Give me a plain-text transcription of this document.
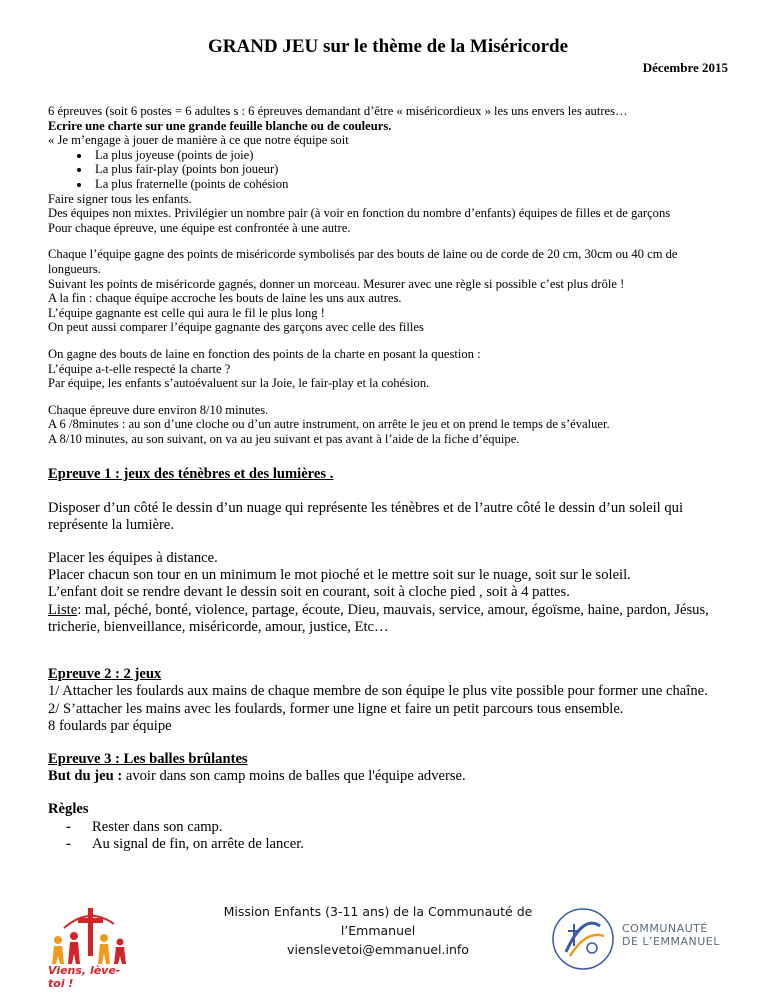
GRAND JEU sur le thème de la Miséricorde
Décembre 2015

6 épreuves (soit 6 postes = 6 adultes s : 6 épreuves demandant d’être « miséricordieux » les uns envers les autres…

Ecrire une charte sur une grande feuille blanche ou de couleurs.

« Je m’engage à jouer de manière à ce que notre équipe soit

• La plus joyeuse (points de joie)
• La plus fair-play (points bon joueur)
• La plus fraternelle (points de cohésion

Faire signer tous les enfants.

Des équipes non mixtes. Privilégier un nombre pair (à voir en fonction du nombre d’enfants) équipes de filles et de garçons

Pour chaque épreuve, une équipe est confrontée à une autre.

Chaque l’équipe gagne des points de miséricorde symbolisés par des bouts de laine ou de corde de 20 cm, 30cm ou 40 cm de longueurs.

Suivant les points de miséricorde gagnés, donner un morceau. Mesurer avec une règle si possible c’est plus drôle !

A la fin : chaque équipe accroche les bouts de laine les uns aux autres.

L’équipe gagnante est celle qui aura le fil le plus long !

On peut aussi comparer l’équipe gagnante des garçons avec celle des filles

On gagne des bouts de laine en fonction des points de la charte en posant la question :

L’équipe a-t-elle respecté la charte ?

Par équipe, les enfants s’autoévaluent sur la Joie, le fair-play et la cohésion.

Chaque épreuve dure environ 8/10 minutes.

A 6 /8minutes : au son d’une cloche ou d’un autre instrument, on arrête le jeu et on prend le temps de s’évaluer.

A 8/10 minutes, au son suivant, on va au jeu suivant et pas avant à l’aide de la fiche d’équipe.

Epreuve 1 : jeux des ténèbres et des lumières .

Disposer d’un côté le dessin d’un nuage qui représente les ténèbres et de l’autre côté le dessin d’un soleil qui représente la lumière.

Placer les équipes à distance.

Placer chacun son tour en un minimum le mot pioché et le mettre soit sur le nuage, soit sur le soleil.

L’enfant doit se rendre devant le dessin soit en courant, soit à cloche pied , soit à 4 pattes.

Liste: mal, péché, bonté, violence, partage, écoute, Dieu, mauvais, service, amour, égoïsme, haine, pardon, Jésus, tricherie, bienveillance, miséricorde, amour, justice, Etc…

Epreuve 2 : 2 jeux

1/ Attacher les foulards aux mains de chaque membre de son équipe le plus vite possible pour former une chaîne.

2/ S’attacher les mains avec les foulards, former une ligne et faire un petit parcours tous ensemble.

8 foulards par équipe

Epreuve 3 : Les balles brûlantes

But du jeu : avoir dans son camp moins de balles que l'équipe adverse.

Règles

- Rester dans son camp.
- Au signal de fin, on arrête de lancer.
Viens, lève-toi !
Mission Enfants (3-11 ans) de la Communauté de
l’Emmanuel
vienslevetoi@emmanuel.info
COMMUNAUTÉ
DE L’EMMANUEL
